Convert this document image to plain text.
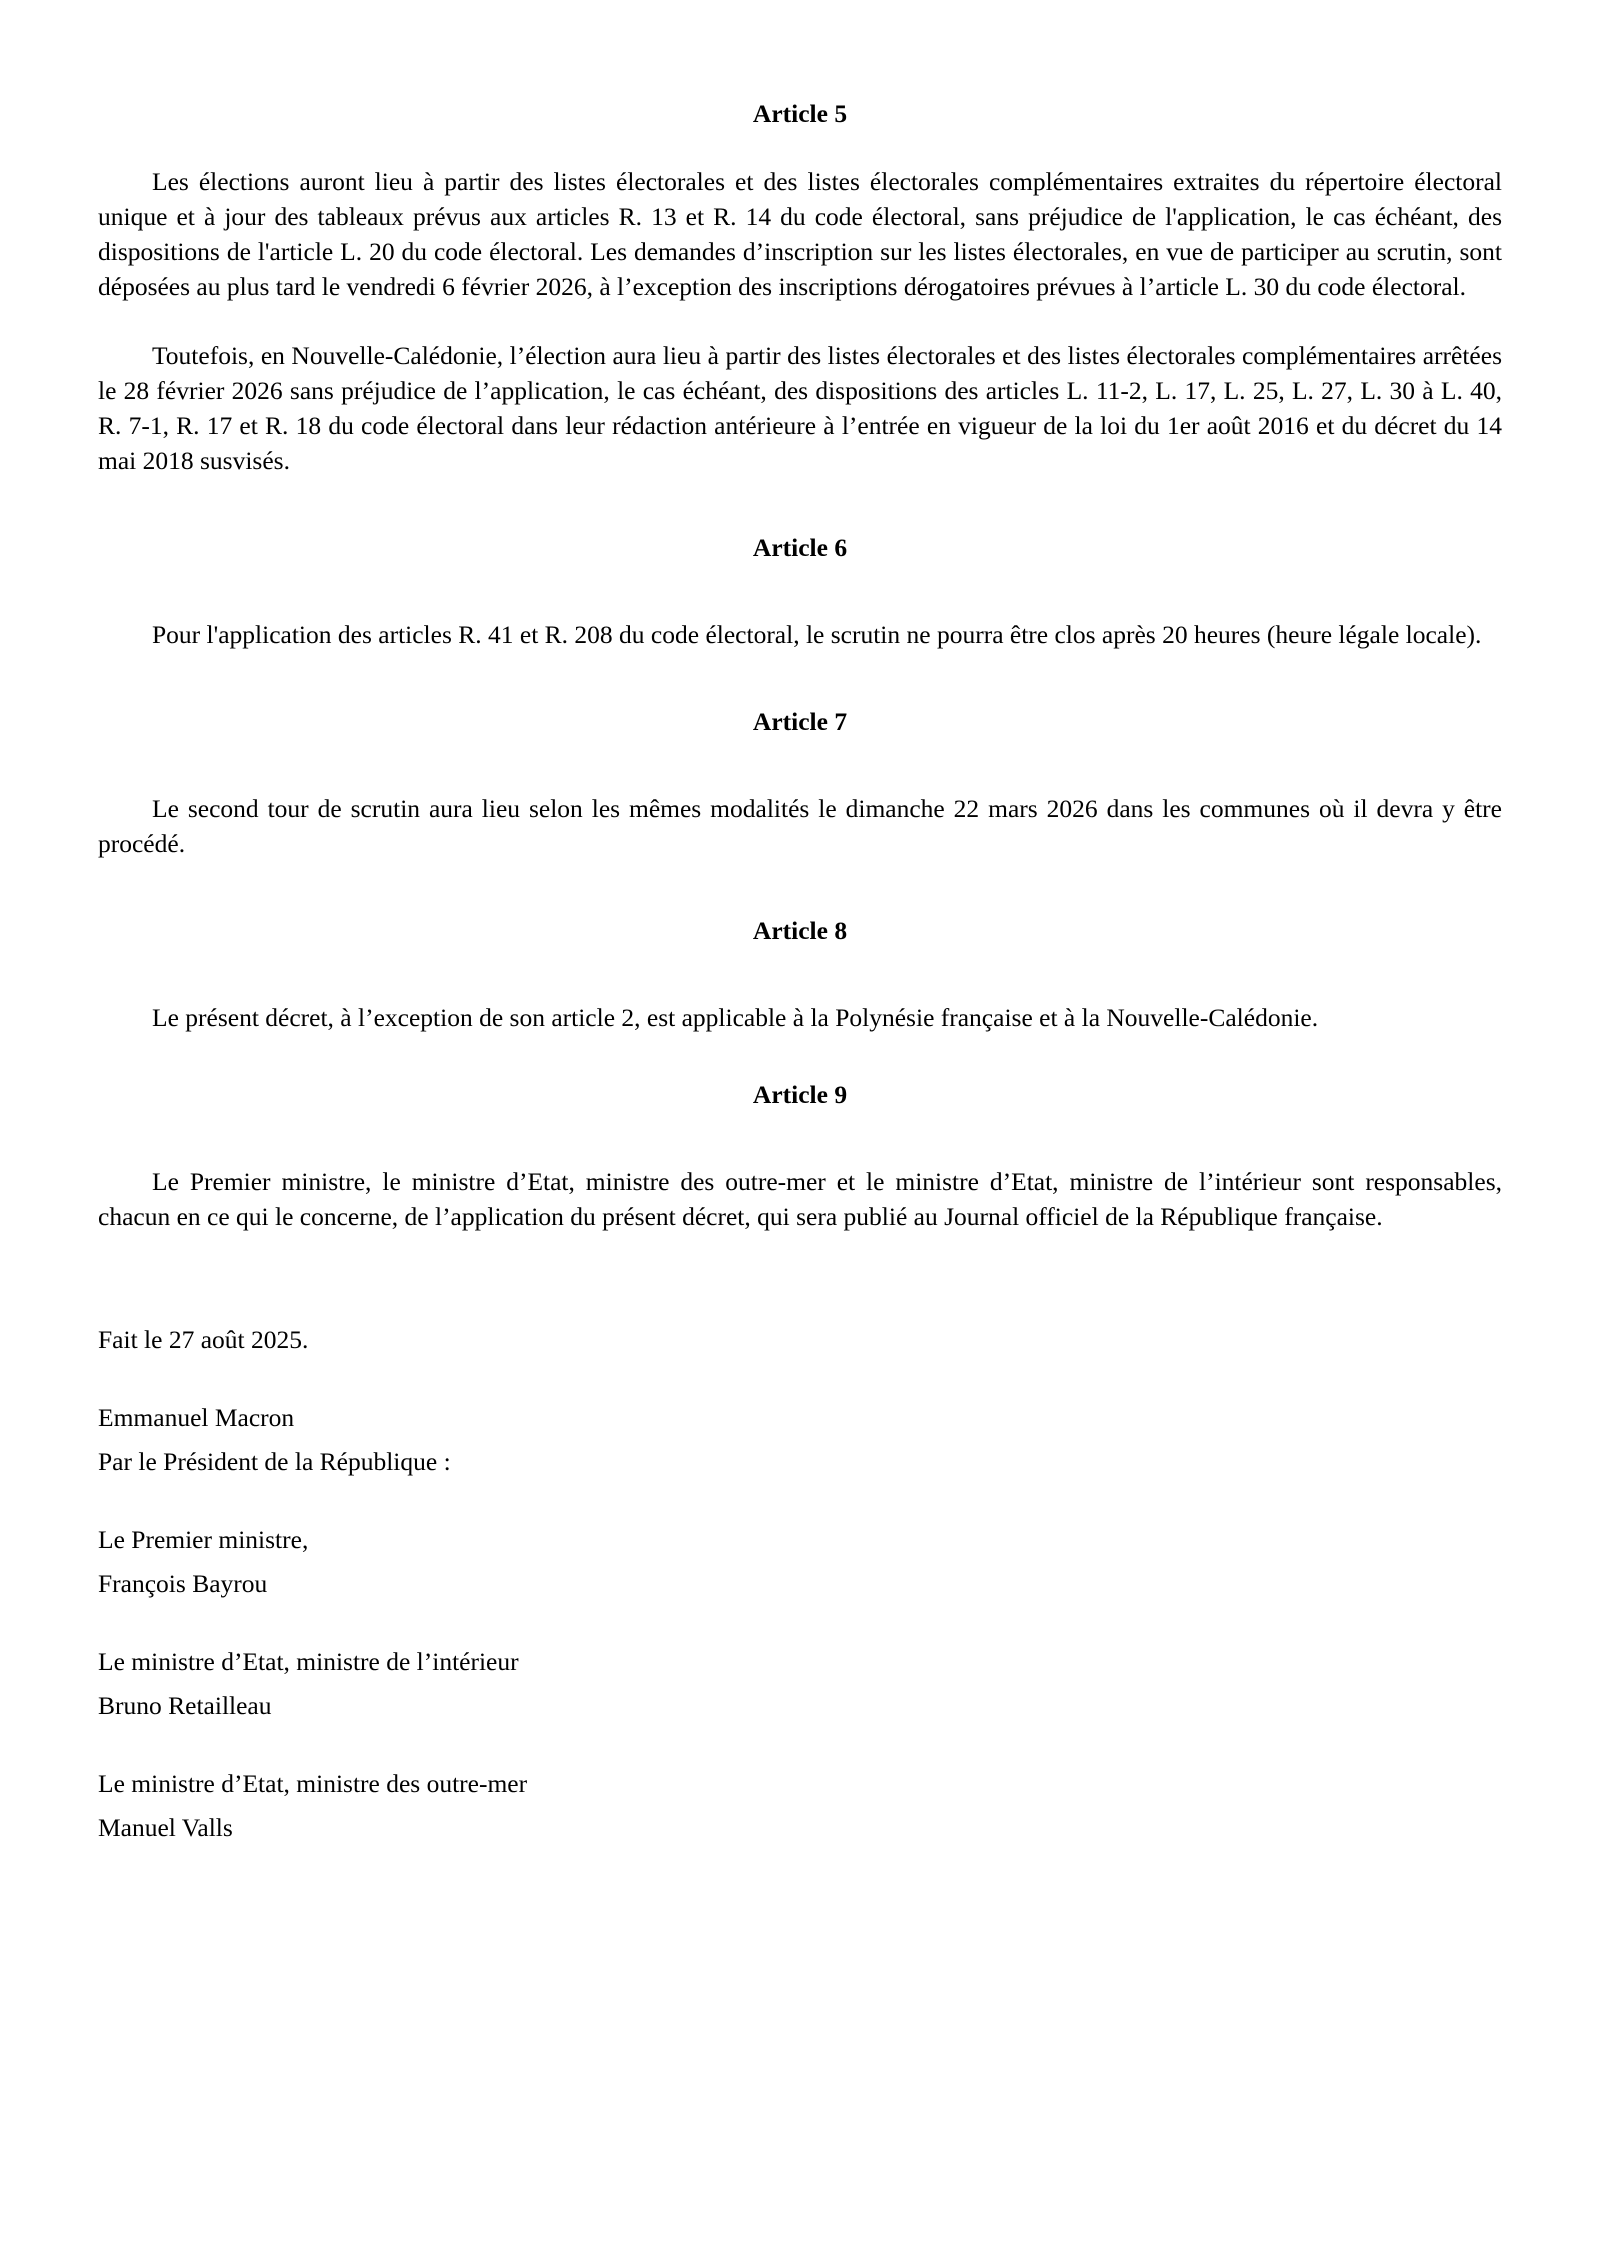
Article 5

Les élections auront lieu à partir des listes électorales et des listes électorales complémentaires extraites du répertoire électoral unique et à jour des tableaux prévus aux articles R. 13 et R. 14 du code électoral, sans préjudice de l'application, le cas échéant, des dispositions de l'article L. 20 du code électoral. Les demandes d’inscription sur les listes électorales, en vue de participer au scrutin, sont déposées au plus tard le vendredi 6 février 2026, à l’exception des inscriptions dérogatoires prévues à l’article L. 30 du code électoral.

Toutefois, en Nouvelle-Calédonie, l’élection aura lieu à partir des listes électorales et des listes électorales complémentaires arrêtées le 28 février 2026 sans préjudice de l’application, le cas échéant, des dispositions des articles L. 11-2, L. 17, L. 25, L. 27, L. 30 à L. 40, R. 7-1, R. 17 et R. 18 du code électoral dans leur rédaction antérieure à l’entrée en vigueur de la loi du 1er août 2016 et du décret du 14 mai 2018 susvisés.

Article 6

Pour l'application des articles R. 41 et R. 208 du code électoral, le scrutin ne pourra être clos après 20 heures (heure légale locale).

Article 7

Le second tour de scrutin aura lieu selon les mêmes modalités le dimanche 22 mars 2026 dans les communes où il devra y être procédé.

Article 8

Le présent décret, à l’exception de son article 2, est applicable à la Polynésie française et à la Nouvelle-Calédonie.

Article 9

Le Premier ministre, le ministre d’Etat, ministre des outre-mer et le ministre d’Etat, ministre de l’intérieur sont responsables, chacun en ce qui le concerne, de l’application du présent décret, qui sera publié au Journal officiel de la République française.

Fait le 27 août 2025.

Emmanuel Macron

Par le Président de la République :

Le Premier ministre,

François Bayrou

Le ministre d’Etat, ministre de l’intérieur

Bruno Retailleau

Le ministre d’Etat, ministre des outre-mer

Manuel Valls
